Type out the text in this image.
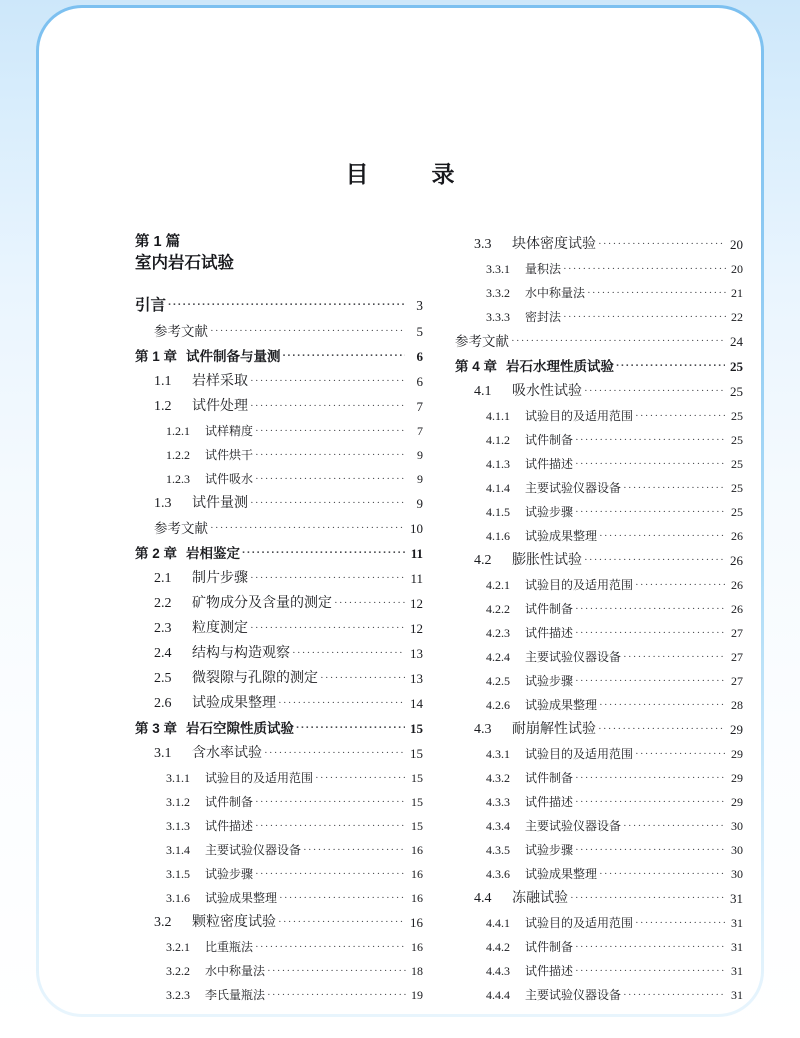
目　录
第 1 篇
室内岩石试验
引言 ·····	3
参考文献 ·····	5
第 1 章 试件制备与量测 ·····	6
1.1	岩样采取 ·····	6
1.2	试件处理 ·····	7
1.2.1	试样精度 ·····	7
1.2.2	试件烘干 ·····	9
1.2.3	试件吸水 ·····	9
1.3	试件量测 ·····	9
参考文献 ·····	10
第 2 章 岩相鉴定 ·····	11
2.1	制片步骤 ·····	11
2.2	矿物成分及含量的测定 ·····	12
2.3	粒度测定 ·····	12
2.4	结构与构造观察 ·····	13
2.5	微裂隙与孔隙的测定 ·····	13
2.6	试验成果整理 ·····	14
第 3 章 岩石空隙性质试验 ·····	15
3.1	含水率试验 ·····	15
3.1.1	试验目的及适用范围 ·····	15
3.1.2	试件制备 ·····	15
3.1.3	试件描述 ·····	15
3.1.4	主要试验仪器设备 ·····	16
3.1.5	试验步骤 ·····	16
3.1.6	试验成果整理 ·····	16
3.2	颗粒密度试验 ·····	16
3.2.1	比重瓶法 ·····	16
3.2.2	水中称量法 ·····	18
3.2.3	李氏量瓶法 ·····	19
3.3	块体密度试验 ·····	20
3.3.1	量积法 ·····	20
3.3.2	水中称量法 ·····	21
3.3.3	密封法 ·····	22
参考文献 ·····	24
第 4 章 岩石水理性质试验 ·····	25
4.1	吸水性试验 ·····	25
4.1.1	试验目的及适用范围 ·····	25
4.1.2	试件制备 ·····	25
4.1.3	试件描述 ·····	25
4.1.4	主要试验仪器设备 ·····	25
4.1.5	试验步骤 ·····	25
4.1.6	试验成果整理 ·····	26
4.2	膨胀性试验 ·····	26
4.2.1	试验目的及适用范围 ·····	26
4.2.2	试件制备 ·····	26
4.2.3	试件描述 ·····	27
4.2.4	主要试验仪器设备 ·····	27
4.2.5	试验步骤 ·····	27
4.2.6	试验成果整理 ·····	28
4.3	耐崩解性试验 ·····	29
4.3.1	试验目的及适用范围 ·····	29
4.3.2	试件制备 ·····	29
4.3.3	试件描述 ·····	29
4.3.4	主要试验仪器设备 ·····	30
4.3.5	试验步骤 ·····	30
4.3.6	试验成果整理 ·····	30
4.4	冻融试验 ·····	31
4.4.1	试验目的及适用范围 ·····	31
4.4.2	试件制备 ·····	31
4.4.3	试件描述 ·····	31
4.4.4	主要试验仪器设备 ·····	31
